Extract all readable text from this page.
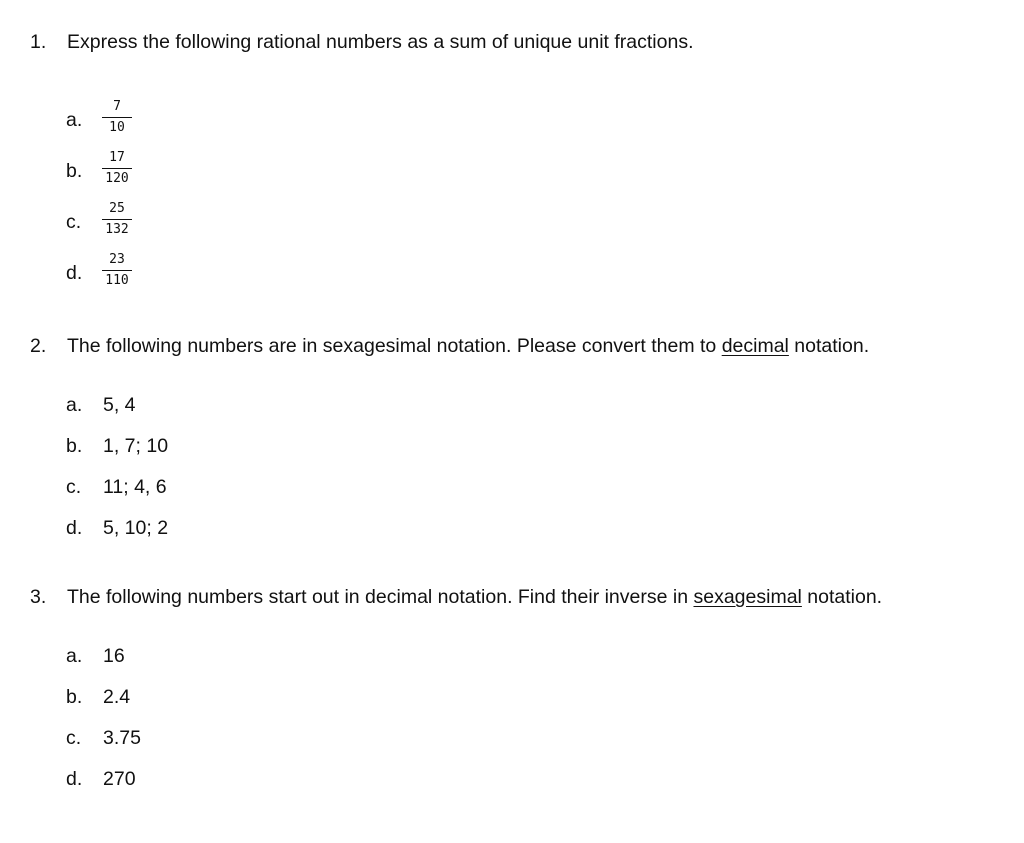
1. Express the following rational numbers as a sum of unique unit fractions.
a. $\frac{7}{10}$
b. $\frac{17}{120}$
c. $\frac{25}{132}$
d. $\frac{23}{110}$
2. The following numbers are in sexagesimal notation. Please convert them to decimal notation.
a. 5, 4
b. 1, 7; 10
c. 11; 4, 6
d. 5, 10; 2
3. The following numbers start out in decimal notation. Find their inverse in sexagesimal notation.
a. 16
b. 2.4
c. 3.75
d. 270
